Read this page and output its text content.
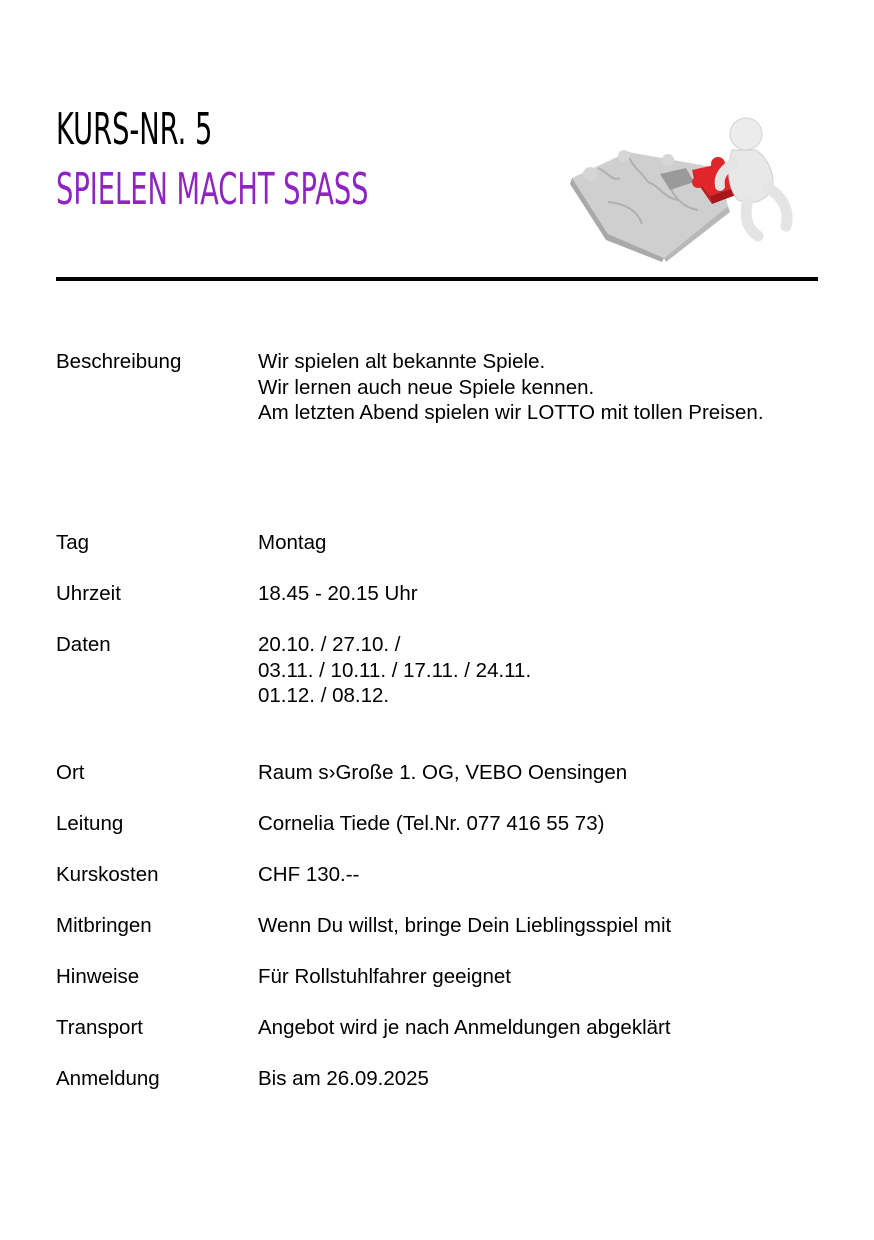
KURS-NR. 5
SPIELEN MACHT SPASS
Beschreibung	Wir spielen alt bekannte Spiele.
Wir lernen auch neue Spiele kennen.
Am letzten Abend spielen wir LOTTO mit tollen Preisen.
Tag	Montag
Uhrzeit	18.45 - 20.15 Uhr
Daten	20.10. / 27.10. /
03.11. / 10.11. / 17.11. / 24.11.
01.12. / 08.12.
Ort	Raum s›Große 1. OG, VEBO Oensingen
Leitung	Cornelia Tiede (Tel.Nr. 077 416 55 73)
Kurskosten	CHF 130.--
Mitbringen	Wenn Du willst, bringe Dein Lieblingsspiel mit
Hinweise	Für Rollstuhlfahrer geeignet
Transport	Angebot wird je nach Anmeldungen abgeklärt
Anmeldung	Bis am 26.09.2025
